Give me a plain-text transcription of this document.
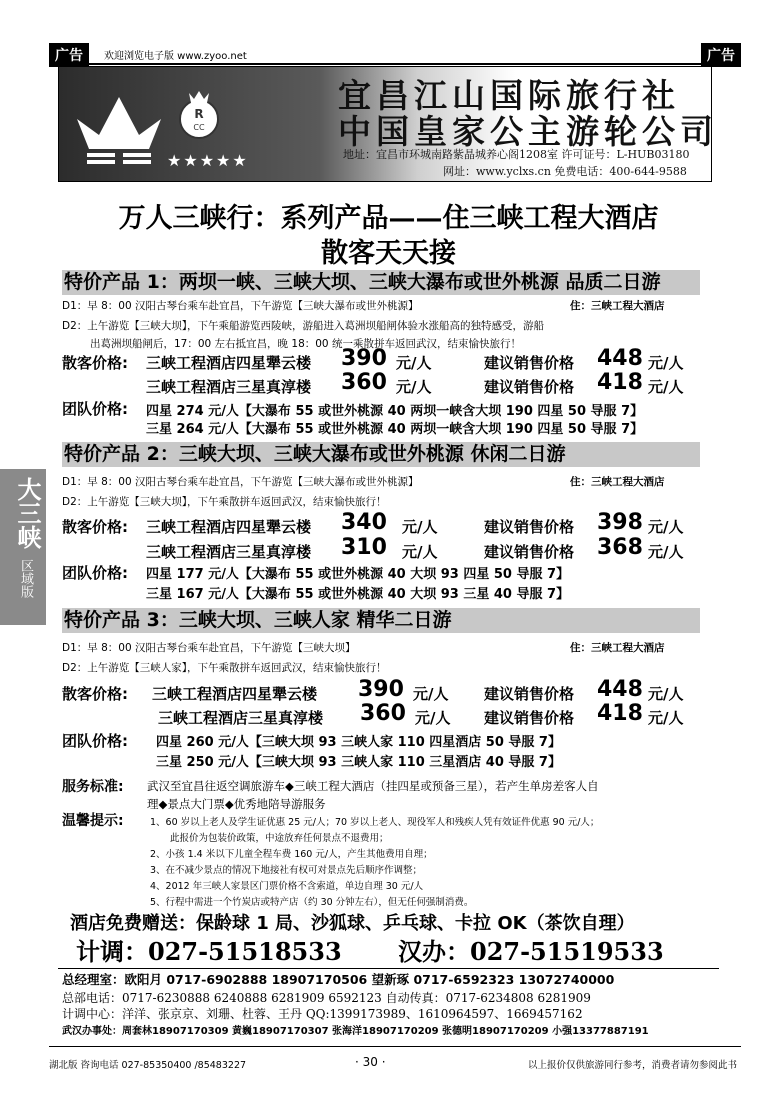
广告	欢迎浏览电子版 www.zyoo.net	广告
R
CC
★★★★★
宜昌江山国际旅行社
中国皇家公主游轮公司
地址：宜昌市环城南路紫晶城养心阁1208室 许可证号：L-HUB03180
网址：www.yclxs.cn 免费电话：400-644-9588
万人三峡行：系列产品——住三峡工程大酒店
散客天天接
大三峡
区域版
特价产品 1：两坝一峡、三峡大坝、三峡大瀑布或世外桃源 品质二日游
D1：早 8：00 汉阳古琴台乘车赴宜昌，下午游览【三峡大瀑布或世外桃源】	住：三峡工程大酒店
D2：上午游览【三峡大坝】，下午乘船游览西陵峡，游船进入葛洲坝船闸体验水涨船高的独特感受，游船
出葛洲坝船闸后，17：00 左右抵宜昌，晚 18：00 统一乘散拼车返回武汉，结束愉快旅行！
散客价格: 三峡工程酒店四星犟云楼 390 元/人	建议销售价格 448 元/人
三峡工程酒店三星真淳楼 360 元/人	建议销售价格 418 元/人
团队价格: 四星 274 元/人【大瀑布 55 或世外桃源 40 两坝一峡含大坝 190 四星 50 导服 7】
三星 264 元/人【大瀑布 55 或世外桃源 40 两坝一峡含大坝 190 四星 50 导服 7】
特价产品 2：三峡大坝、三峡大瀑布或世外桃源 休闲二日游
D1：早 8：00 汉阳古琴台乘车赴宜昌，下午游览【三峡大瀑布或世外桃源】	住：三峡工程大酒店
D2：上午游览【三峡大坝】，下午乘散拼车返回武汉，结束愉快旅行！
散客价格: 三峡工程酒店四星犟云楼 340 元/人	建议销售价格 398 元/人
三峡工程酒店三星真淳楼 310 元/人	建议销售价格 368 元/人
团队价格: 四星 177 元/人【大瀑布 55 或世外桃源 40 大坝 93 四星 50 导服 7】
三星 167 元/人【大瀑布 55 或世外桃源 40 大坝 93 三星 40 导服 7】
特价产品 3：三峡大坝、三峡人家 精华二日游
D1：早 8：00 汉阳古琴台乘车赴宜昌，下午游览【三峡大坝】	住：三峡工程大酒店
D2：上午游览【三峡人家】，下午乘散拼车返回武汉，结束愉快旅行！
散客价格: 三峡工程酒店四星犟云楼 390 元/人 建议销售价格 448 元/人
三峡工程酒店三星真淳楼 360 元/人 建议销售价格 418 元/人
团队价格: 四星 260 元/人【三峡大坝 93 三峡人家 110 四星酒店 50 导服 7】
三星 250 元/人【三峡大坝 93 三峡人家 110 三星酒店 40 导服 7】
服务标准: 武汉至宜昌往返空调旅游车◆三峡工程大酒店（挂四星或预备三星），若产生单房差客人自
理◆景点大门票◆优秀地陪导游服务
温馨提示:	1、60 岁以上老人及学生证优惠 25 元/人；70 岁以上老人、现役军人和残疾人凭有效证件优惠 90 元/人；
此报价为包装价政策，中途放弃任何景点不退费用；
2、小孩 1.4 米以下儿童全程车费 160 元/人，产生其他费用自理；
3、在不减少景点的情况下地接社有权可对景点先后顺序作调整；
4、2012 年三峡人家景区门票价格不含索道，单边自理 30 元/人
5、行程中需进一个竹炭店或特产店（约 30 分钟左右），但无任何强制消费。
酒店免费赠送：保龄球 1 局、沙狐球、乒乓球、卡拉 OK（茶饮自理）
计调：027-51518533 汉办：027-51519533
总经理室：欧阳月 0717-6902888 18907170506 望新琢 0717-6592323 13072740000
总部电话：0717-6230888 6240888 6281909 6592123 自动传真：0717-6234808 6281909
计调中心：洋洋、张京京、刘珊、杜蓉、王丹 QQ:1399173989、1610964597、1669457162
武汉办事处：周套林18907170309 黄巍18907170307 张海洋18907170209 张德明18907170209 小强13377887191
湖北版 咨询电话 027-85350400 /85483227	· 30 ·	以上报价仅供旅游同行参考，消费者请勿参阅此书
